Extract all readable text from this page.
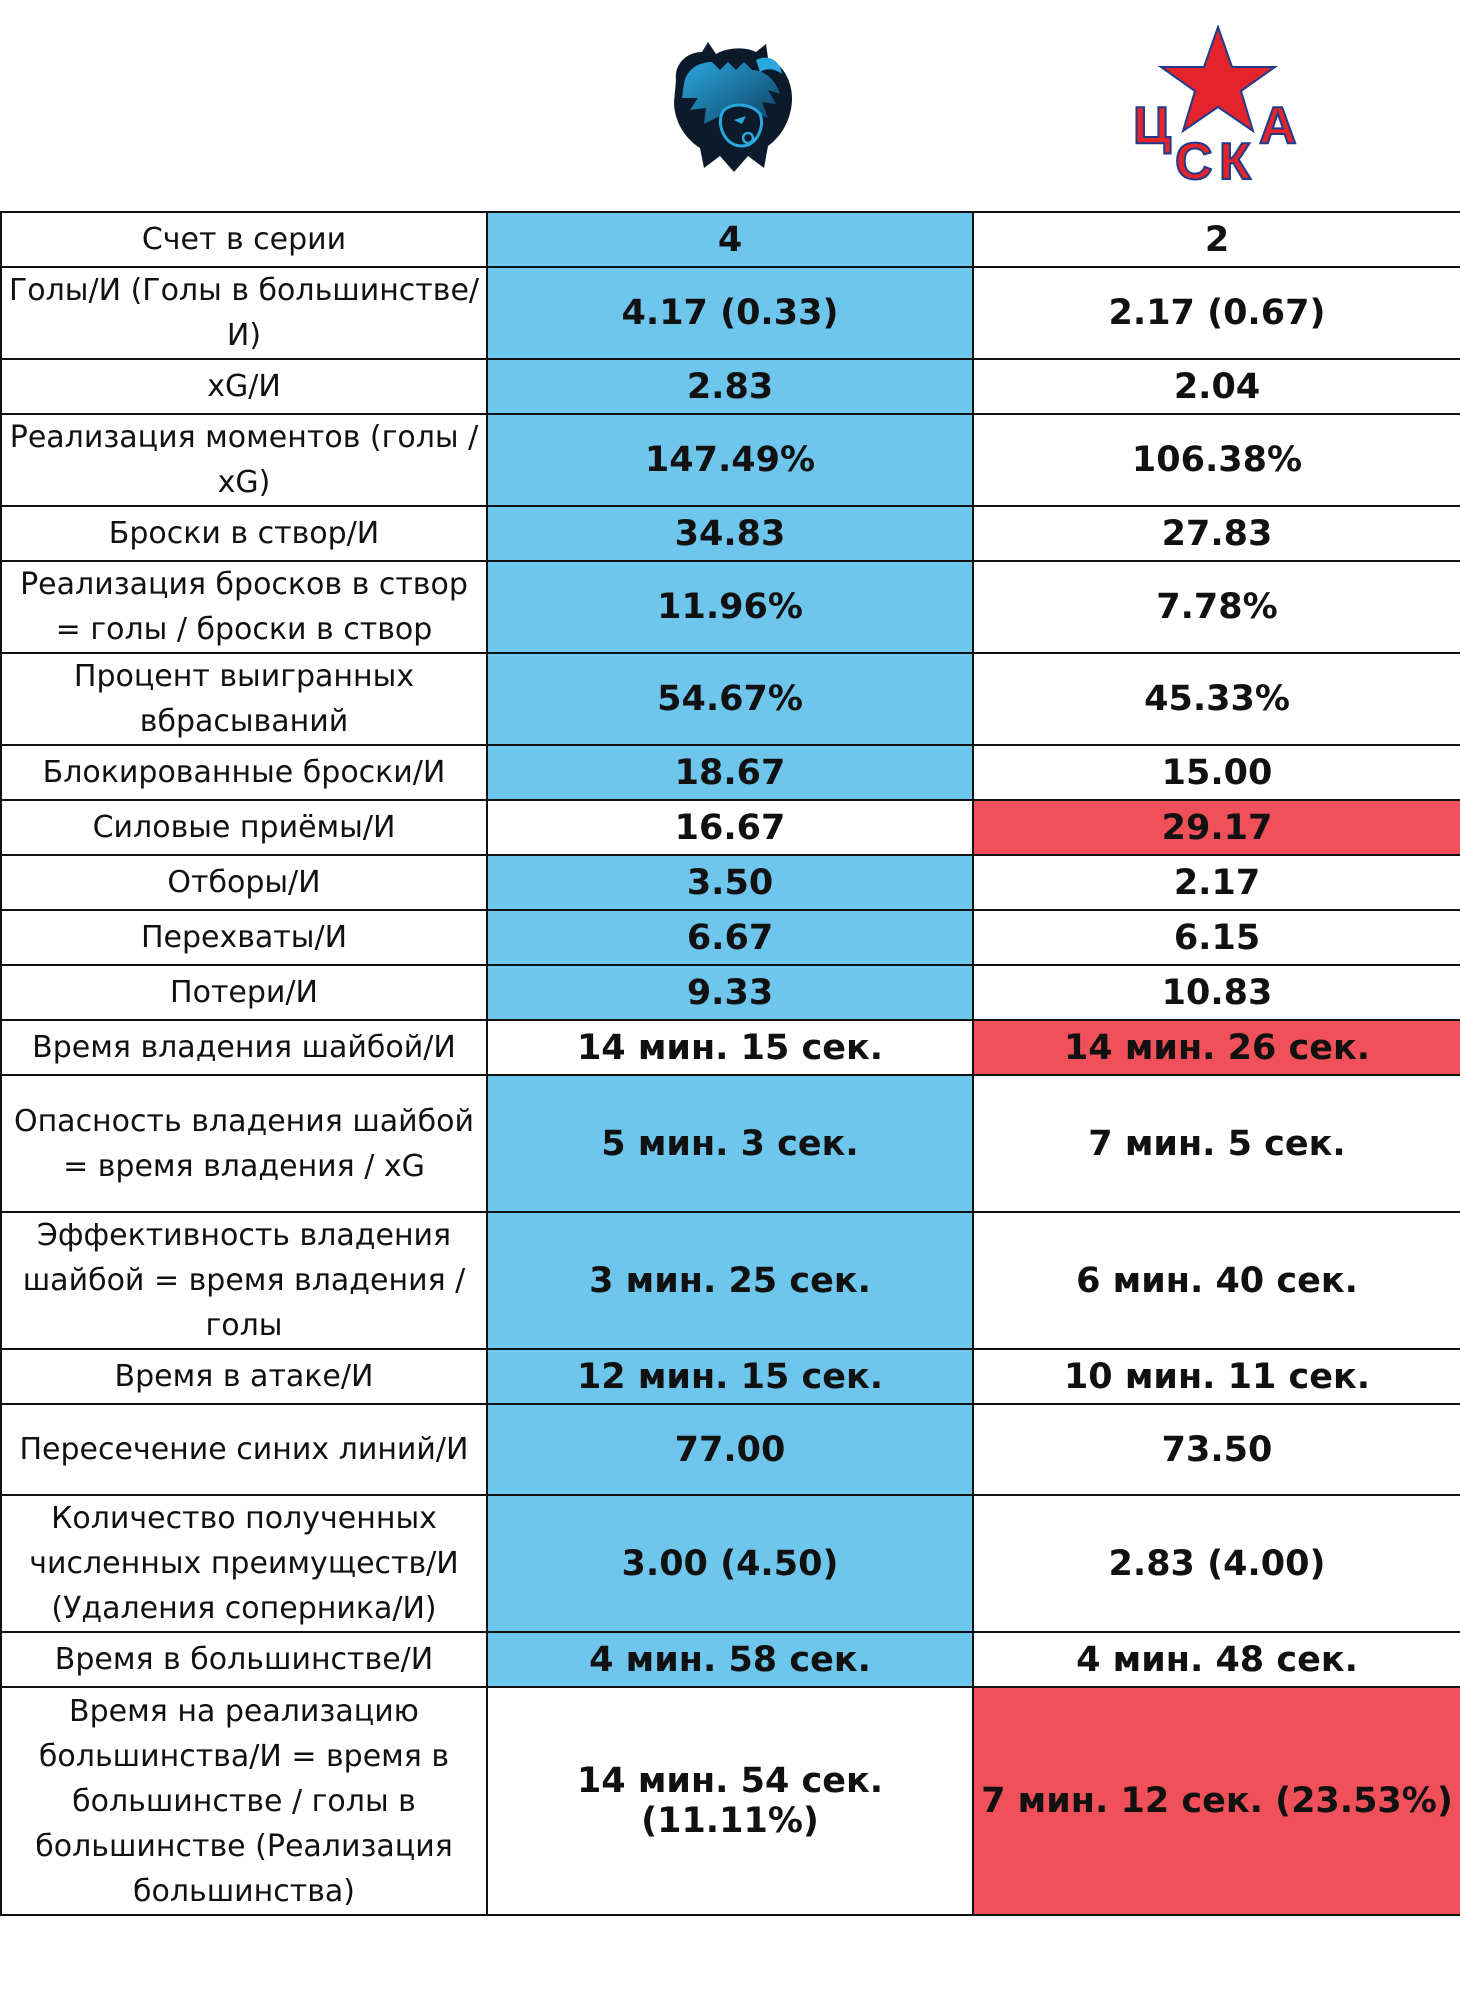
Ц
С К
А
Счет в серии	4	2
Голы/И (Голы в большинстве/И)	4.17 (0.33)	2.17 (0.67)
xG/И	2.83	2.04
Реализация моментов (голы / xG)	147.49%	106.38%
Броски в створ/И	34.83	27.83
Реализация бросков в створ = голы / броски в створ	11.96%	7.78%
Процент выигранных вбрасываний	54.67%	45.33%
Блокированные броски/И	18.67	15.00
Силовые приёмы/И	16.67	29.17
Отборы/И	3.50	2.17
Перехваты/И	6.67	6.15
Потери/И	9.33	10.83
Время владения шайбой/И	14 мин. 15 сек.	14 мин. 26 сек.
Опасность владения шайбой = время владения / xG	5 мин. 3 сек.	7 мин. 5 сек.
Эффективность владения шайбой = время владения / голы	3 мин. 25 сек.	6 мин. 40 сек.
Время в атаке/И	12 мин. 15 сек.	10 мин. 11 сек.
Пересечение синих линий/И	77.00	73.50
Количество полученных численных преимуществ/И (Удаления соперника/И)	3.00 (4.50)	2.83 (4.00)
Время в большинстве/И	4 мин. 58 сек.	4 мин. 48 сек.
Время на реализацию большинства/И = время в большинстве / голы в большинстве (Реализация большинства)	14 мин. 54 сек. (11.11%)	7 мин. 12 сек. (23.53%)
